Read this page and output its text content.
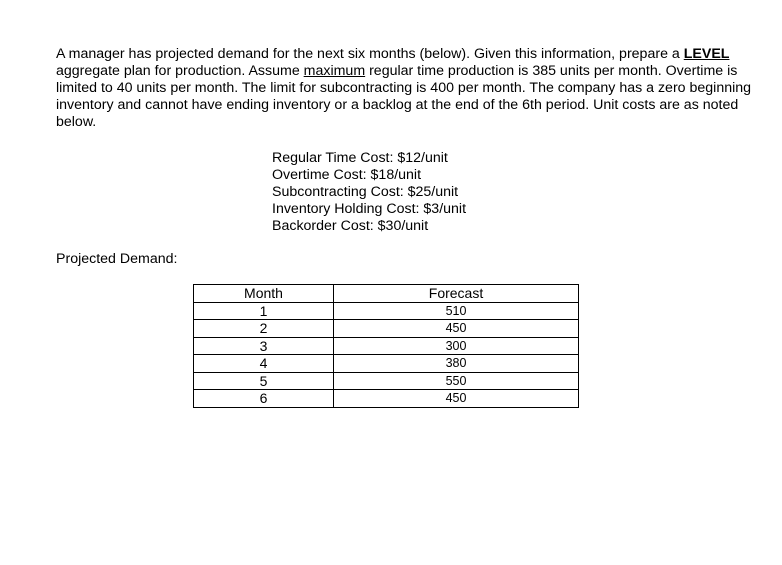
A manager has projected demand for the next six months (below). Given this information, prepare a LEVEL
aggregate plan for production. Assume maximum regular time production is 385 units per month. Overtime is
limited to 40 units per month. The limit for subcontracting is 400 per month. The company has a zero beginning
inventory and cannot have ending inventory or a backlog at the end of the 6th period. Unit costs are as noted
below.
Regular Time Cost: $12/unit
Overtime Cost: $18/unit
Subcontracting Cost: $25/unit
Inventory Holding Cost: $3/unit
Backorder Cost: $30/unit
Projected Demand:
Month	Forecast
1	510
2	450
3	300
4	380
5	550
6	450
